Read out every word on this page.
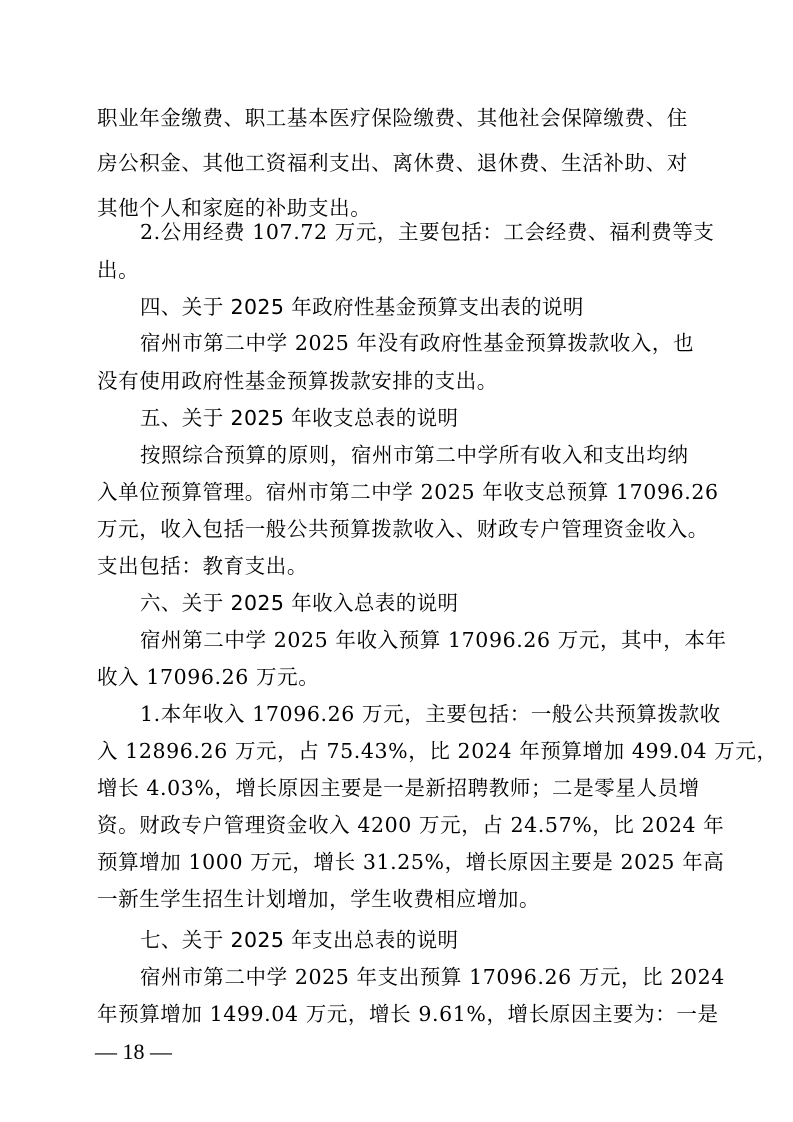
职业年金缴费、职工基本医疗保险缴费、其他社会保障缴费、住
房公积金、其他工资福利支出、离休费、退休费、生活补助、对
其他个人和家庭的补助支出。
2.公用经费 107.72 万元，主要包括：工会经费、福利费等支
出。
四、关于 2025 年政府性基金预算支出表的说明
宿州市第二中学 2025 年没有政府性基金预算拨款收入，也
没有使用政府性基金预算拨款安排的支出。
五、关于 2025 年收支总表的说明
按照综合预算的原则，宿州市第二中学所有收入和支出均纳
入单位预算管理。宿州市第二中学 2025 年收支总预算 17096.26
万元，收入包括一般公共预算拨款收入、财政专户管理资金收入。
支出包括：教育支出。
六、关于 2025 年收入总表的说明
宿州第二中学 2025 年收入预算 17096.26 万元，其中，本年
收入 17096.26 万元。
1.本年收入 17096.26 万元，主要包括：一般公共预算拨款收
入 12896.26 万元，占 75.43%，比 2024 年预算增加 499.04 万元，
增长 4.03%，增长原因主要是一是新招聘教师；二是零星人员增
资。财政专户管理资金收入 4200 万元，占 24.57%，比 2024 年
预算增加 1000 万元，增长 31.25%，增长原因主要是 2025 年高
一新生学生招生计划增加，学生收费相应增加。
七、关于 2025 年支出总表的说明
宿州市第二中学 2025 年支出预算 17096.26 万元，比 2024
年预算增加 1499.04 万元，增长 9.61%，增长原因主要为：一是
— 18 —
